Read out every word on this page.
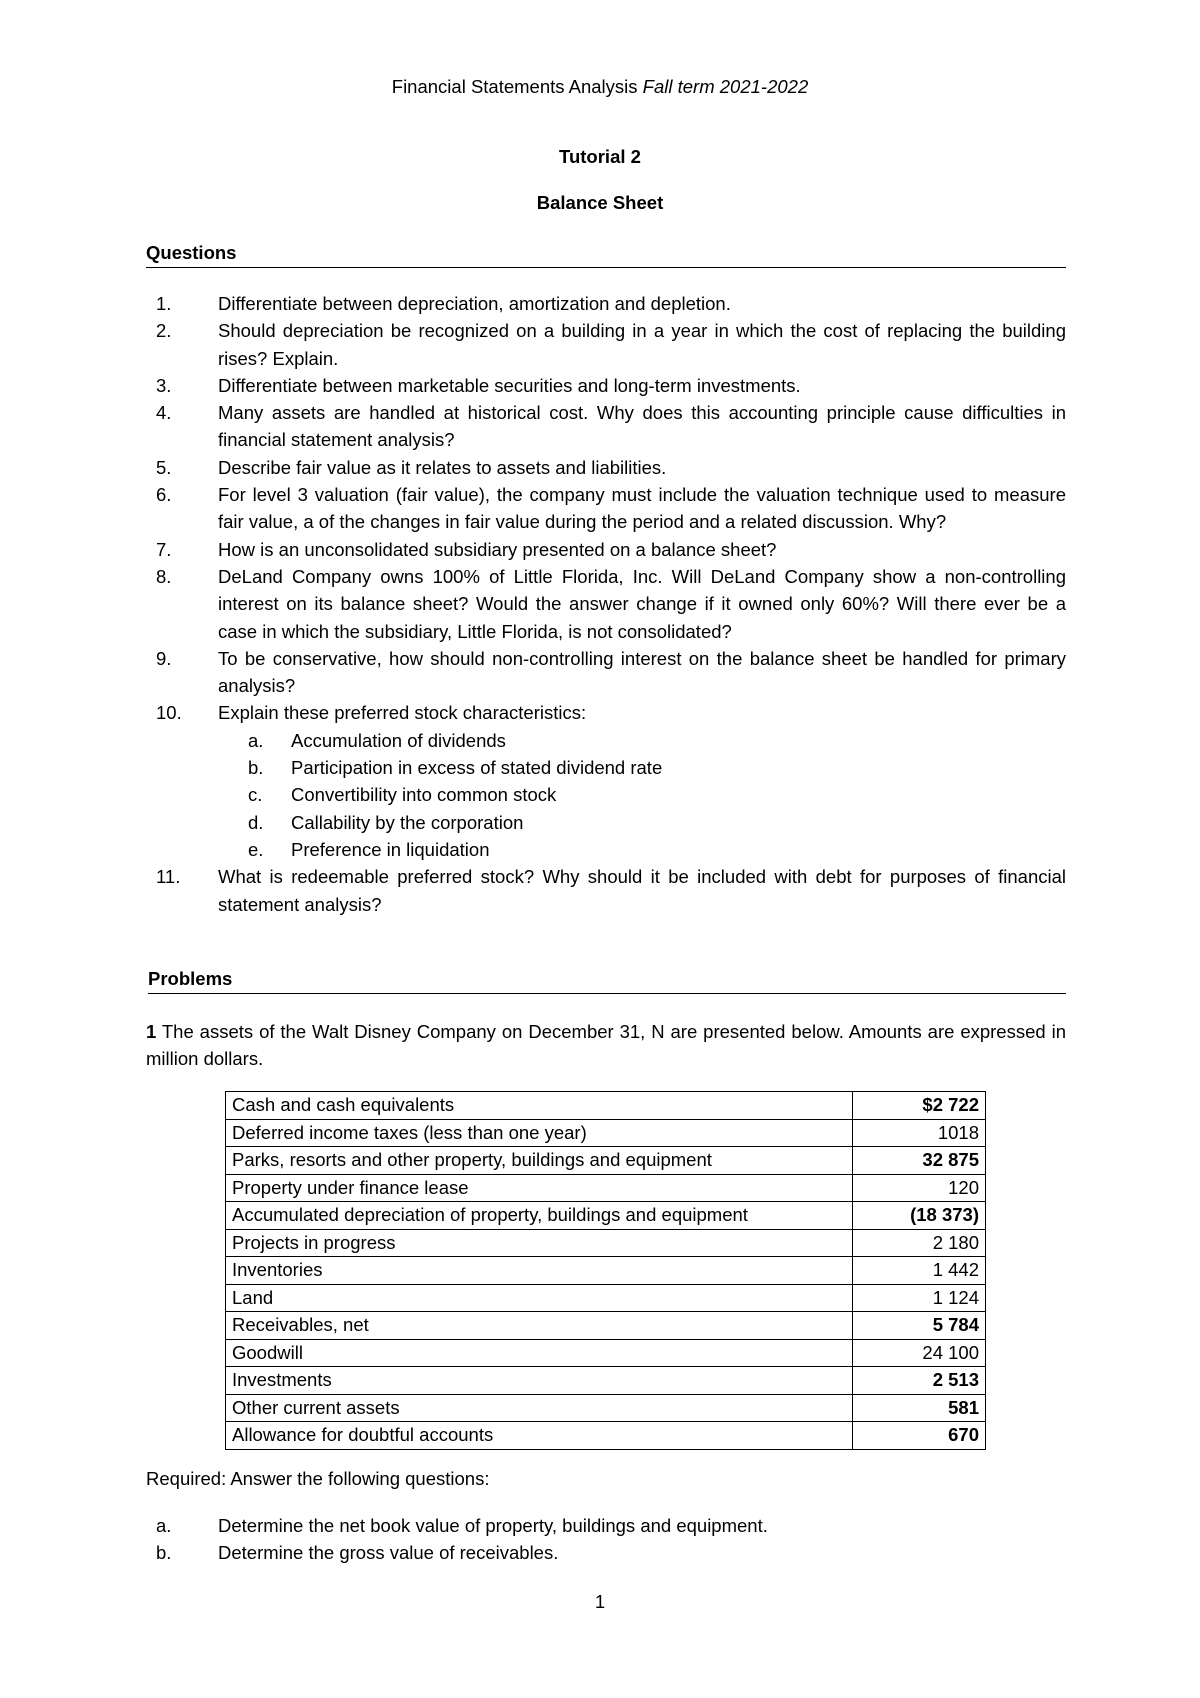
Financial Statements Analysis Fall term 2021-2022
Tutorial 2
Balance Sheet
Questions
1.	Differentiate between depreciation, amortization and depletion.
2.	Should depreciation be recognized on a building in a year in which the cost of replacing the building rises? Explain.
3.	Differentiate between marketable securities and long-term investments.
4.	Many assets are handled at historical cost. Why does this accounting principle cause difficulties in financial statement analysis?
5.	Describe fair value as it relates to assets and liabilities.
6.	For level 3 valuation (fair value), the company must include the valuation technique used to measure fair value, a of the changes in fair value during the period and a related discussion. Why?
7.	How is an unconsolidated subsidiary presented on a balance sheet?
8.	DeLand Company owns 100% of Little Florida, Inc. Will DeLand Company show a non-controlling interest on its balance sheet? Would the answer change if it owned only 60%? Will there ever be a case in which the subsidiary, Little Florida, is not consolidated?
9.	To be conservative, how should non-controlling interest on the balance sheet be handled for primary analysis?
10.	Explain these preferred stock characteristics:
a. Accumulation of dividends
b. Participation in excess of stated dividend rate
c. Convertibility into common stock
d. Callability by the corporation
e. Preference in liquidation
11.	What is redeemable preferred stock? Why should it be included with debt for purposes of financial statement analysis?
Problems
1 The assets of the Walt Disney Company on December 31, N are presented below. Amounts are expressed in million dollars.
Cash and cash equivalents	$2 722
Deferred income taxes (less than one year)	1018
Parks, resorts and other property, buildings and equipment	32 875
Property under finance lease	120
Accumulated depreciation of property, buildings and equipment	(18 373)
Projects in progress	2 180
Inventories	1 442
Land	1 124
Receivables, net	5 784
Goodwill	24 100
Investments	2 513
Other current assets	581
Allowance for doubtful accounts	670
Required: Answer the following questions:
a.	Determine the net book value of property, buildings and equipment.
b.	Determine the gross value of receivables.
1
